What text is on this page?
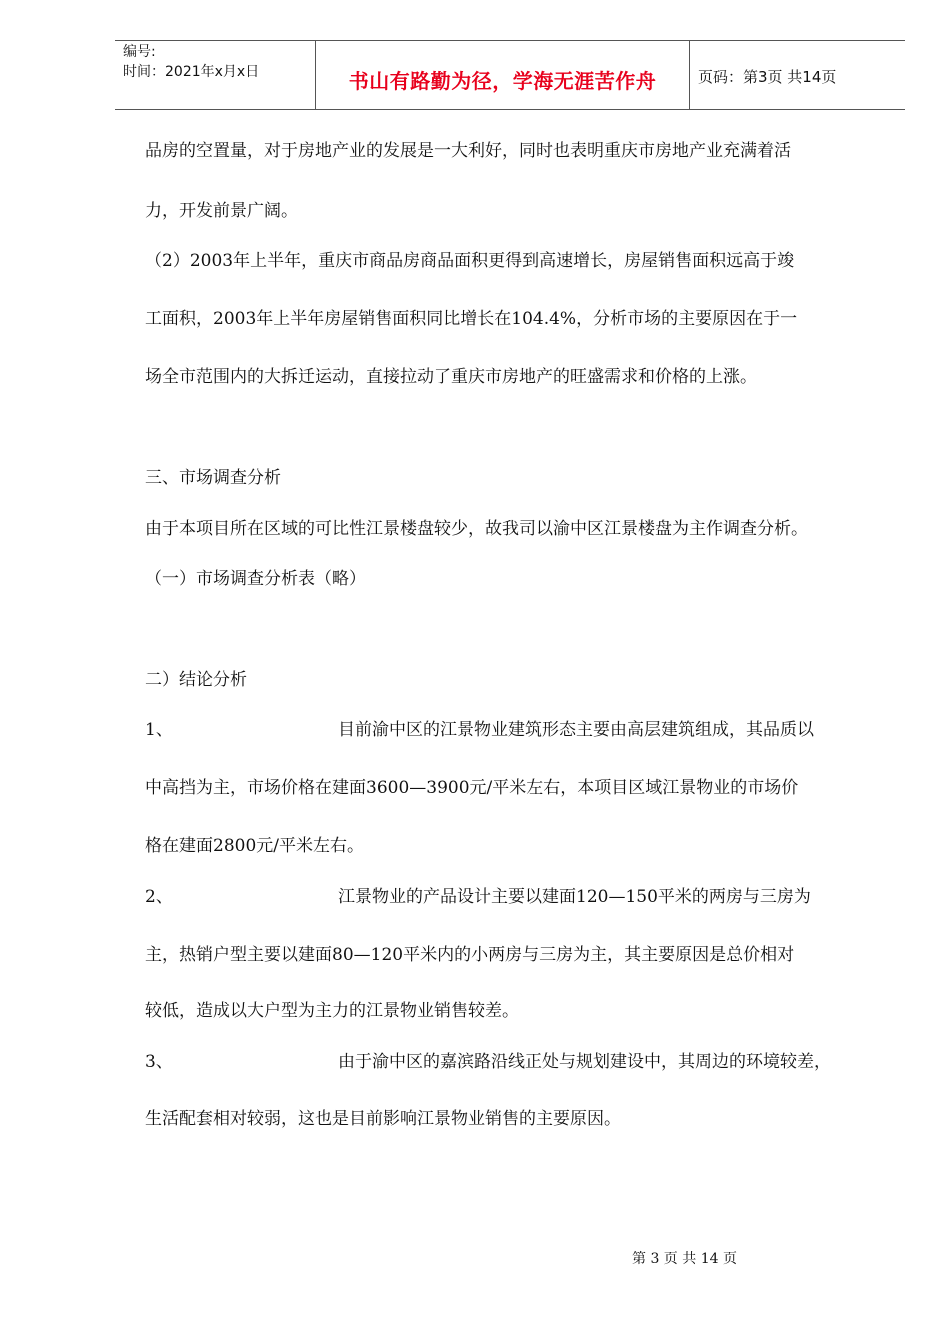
编号:
时间：2021年x月x日	书山有路勤为径，学海无涯苦作舟	页码：第3页 共14页
品房的空置量，对于房地产业的发展是一大利好，同时也表明重庆市房地产业充满着活
力，开发前景广阔。
（2）2003年上半年，重庆市商品房商品面积更得到高速增长，房屋销售面积远高于竣
工面积，2003年上半年房屋销售面积同比增长在104.4%，分析市场的主要原因在于一
场全市范围内的大拆迁运动，直接拉动了重庆市房地产的旺盛需求和价格的上涨。
三、市场调查分析
由于本项目所在区域的可比性江景楼盘较少，故我司以渝中区江景楼盘为主作调查分析。
（一）市场调查分析表（略）
二）结论分析
1、	目前渝中区的江景物业建筑形态主要由高层建筑组成，其品质以
中高挡为主，市场价格在建面3600—3900元/平米左右，本项目区域江景物业的市场价
格在建面2800元/平米左右。
2、	江景物业的产品设计主要以建面120—150平米的两房与三房为
主，热销户型主要以建面80—120平米内的小两房与三房为主，其主要原因是总价相对
较低，造成以大户型为主力的江景物业销售较差。
3、	由于渝中区的嘉滨路沿线正处与规划建设中，其周边的环境较差，
生活配套相对较弱，这也是目前影响江景物业销售的主要原因。
第 3 页 共 14 页
